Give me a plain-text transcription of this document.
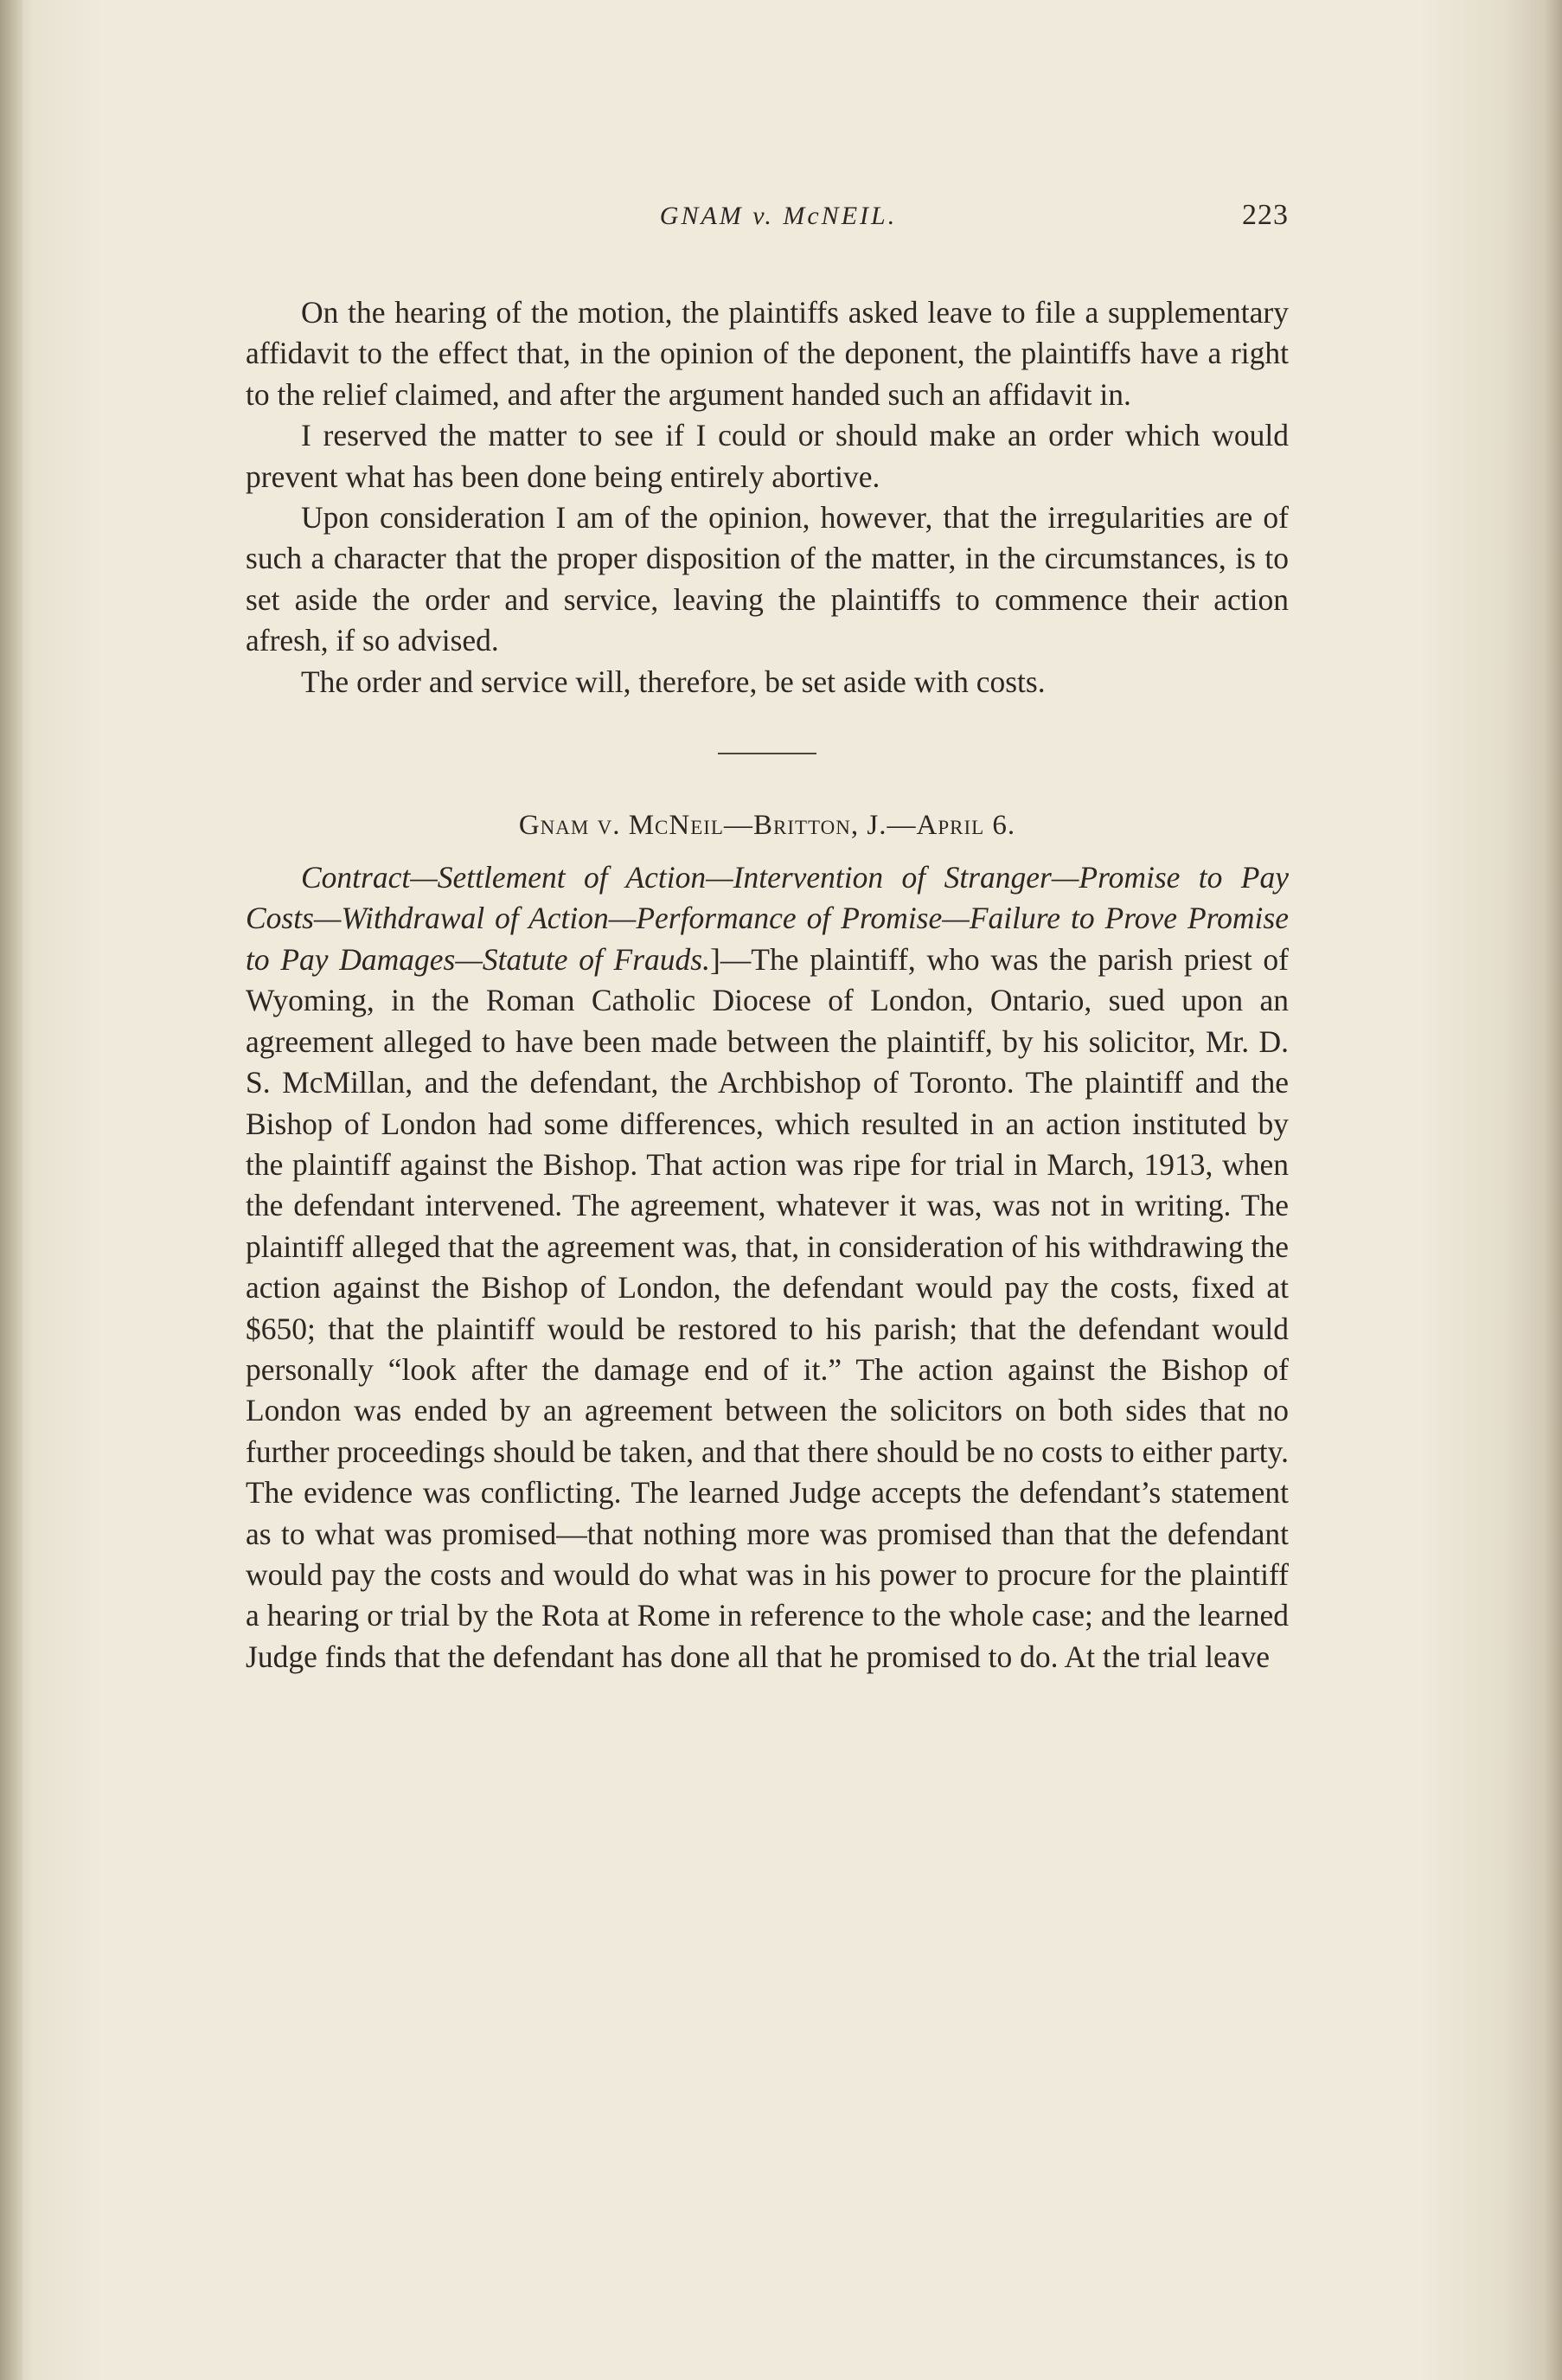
GNAM v. McNEIL.	223

On the hearing of the motion, the plaintiffs asked leave to file a supplementary affidavit to the effect that, in the opinion of the deponent, the plaintiffs have a right to the relief claimed, and after the argument handed such an affidavit in.

I reserved the matter to see if I could or should make an order which would prevent what has been done being entirely abortive.

Upon consideration I am of the opinion, however, that the irregularities are of such a character that the proper disposition of the matter, in the circumstances, is to set aside the order and service, leaving the plaintiffs to commence their action afresh, if so advised.

The order and service will, therefore, be set aside with costs.

Gnam v. McNeil—Britton, J.—April 6.

Contract—Settlement of Action—Intervention of Stranger—Promise to Pay Costs—Withdrawal of Action—Performance of Promise—Failure to Prove Promise to Pay Damages—Statute of Frauds.]—The plaintiff, who was the parish priest of Wyoming, in the Roman Catholic Diocese of London, Ontario, sued upon an agreement alleged to have been made between the plaintiff, by his solicitor, Mr. D. S. McMillan, and the defendant, the Archbishop of Toronto. The plaintiff and the Bishop of London had some differences, which resulted in an action instituted by the plaintiff against the Bishop. That action was ripe for trial in March, 1913, when the defendant intervened. The agreement, whatever it was, was not in writing. The plaintiff alleged that the agreement was, that, in consideration of his withdrawing the action against the Bishop of London, the defendant would pay the costs, fixed at $650; that the plaintiff would be restored to his parish; that the defendant would personally “look after the damage end of it.” The action against the Bishop of London was ended by an agreement between the solicitors on both sides that no further proceedings should be taken, and that there should be no costs to either party. The evidence was conflicting. The learned Judge accepts the defendant’s statement as to what was promised—that nothing more was promised than that the defendant would pay the costs and would do what was in his power to procure for the plaintiff a hearing or trial by the Rota at Rome in reference to the whole case; and the learned Judge finds that the defendant has done all that he promised to do. At the trial leave
